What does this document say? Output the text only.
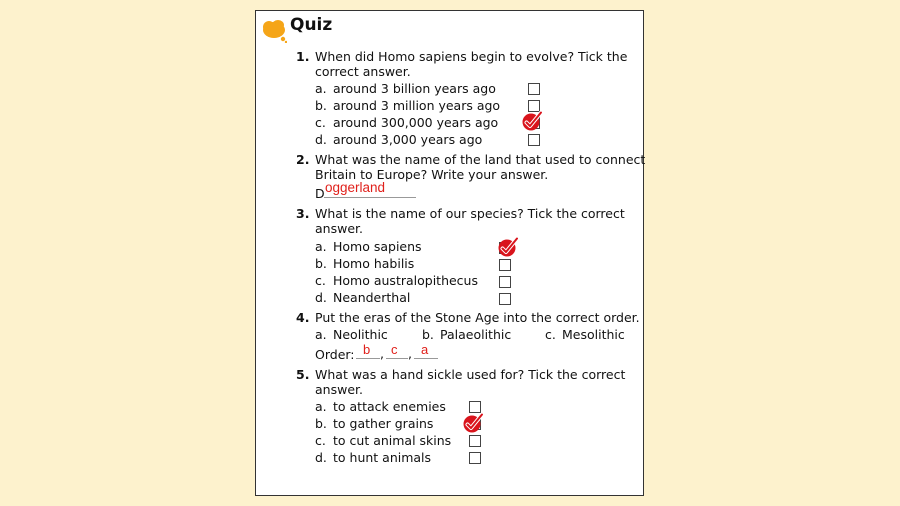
Quiz
1. When did Homo sapiens begin to evolve? Tick the
correct answer.
a. around 3 billion years ago
b. around 3 million years ago
c. around 300,000 years ago
d. around 3,000 years ago
2. What was the name of the land that used to connect
Britain to Europe? Write your answer.
D oggerland
3. What is the name of our species? Tick the correct
answer.
a. Homo sapiens
b. Homo habilis
c. Homo australopithecus
d. Neanderthal
4. Put the eras of the Stone Age into the correct order.
a. Neolithic	b. Palaeolithic	c. Mesolithic
Order: b , c , a
5. What was a hand sickle used for? Tick the correct
answer.
a. to attack enemies
b. to gather grains
c. to cut animal skins
d. to hunt animals
